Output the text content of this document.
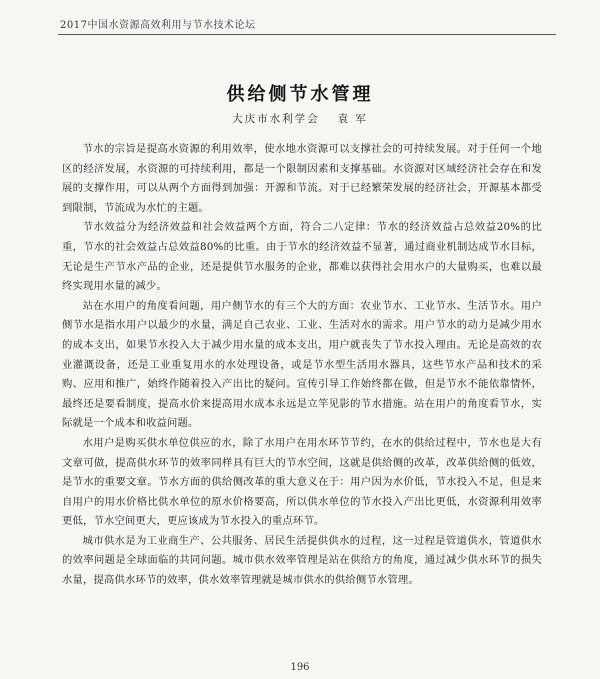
2017中国水资源高效利用与节水技术论坛
供给侧节水管理
大庆市水利学会 袁 军

节水的宗旨是提高水资源的利用效率，使水地水资源可以支撑社会的可持续发展。对于任何一个地区的经济发展，水资源的可持续利用，都是一个限制因素和支撑基础。水资源对区域经济社会存在和发展的支撑作用，可以从两个方面得到加强：开源和节流。对于已经繁荣发展的经济社会，开源基本都受到限制，节流成为水忙的主题。

节水效益分为经济效益和社会效益两个方面，符合二八定律：节水的经济效益占总效益20%的比重，节水的社会效益占总效益80%的比重。由于节水的经济效益不显著，通过商业机制达成节水目标，无论是生产节水产品的企业，还是提供节水服务的企业，都难以获得社会用水户的大量购买，也难以最终实现用水量的减少。

站在水用户的角度看问题，用户侧节水的有三个大的方面：农业节水、工业节水、生活节水。用户侧节水是指水用户以最少的水量，满足自己农业、工业、生活对水的需求。用户节水的动力是减少用水的成本支出，如果节水投入大于减少用水量的成本支出，用户就丧失了节水投入理由。无论是高效的农业灌溉设备，还是工业重复用水的水处理设备，或是节水型生活用水器具，这些节水产品和技术的采购、应用和推广，始终作随着投入产出比的疑问。宣传引导工作始终都在做，但是节水不能依靠情怀，最终还是要看制度，提高水价来提高用水成本永远是立竿见影的节水措施。站在用户的角度看节水，实际就是一个成本和收益问题。

水用户是购买供水单位供应的水，除了水用户在用水环节节约，在水的供给过程中，节水也是大有文章可做，提高供水环节的效率同样具有巨大的节水空间，这就是供给侧的改革，改革供给侧的低效，是节水的重要文章。节水方面的供给侧改革的重大意义在于：用户因为水价低，节水投入不足，但是来自用户的用水价格比供水单位的原水价格要高，所以供水单位的节水投入产出比更低，水资源利用效率更低，节水空间更大，更应该成为节水投入的重点环节。

城市供水是为工业商生产、公共服务、居民生活提供供水的过程，这一过程是管道供水，管道供水的效率问题是全球面临的共同问题。城市供水效率管理是站在供给方的角度，通过减少供水环节的损失水量，提高供水环节的效率，供水效率管理就是城市供水的供给侧节水管理。

196
